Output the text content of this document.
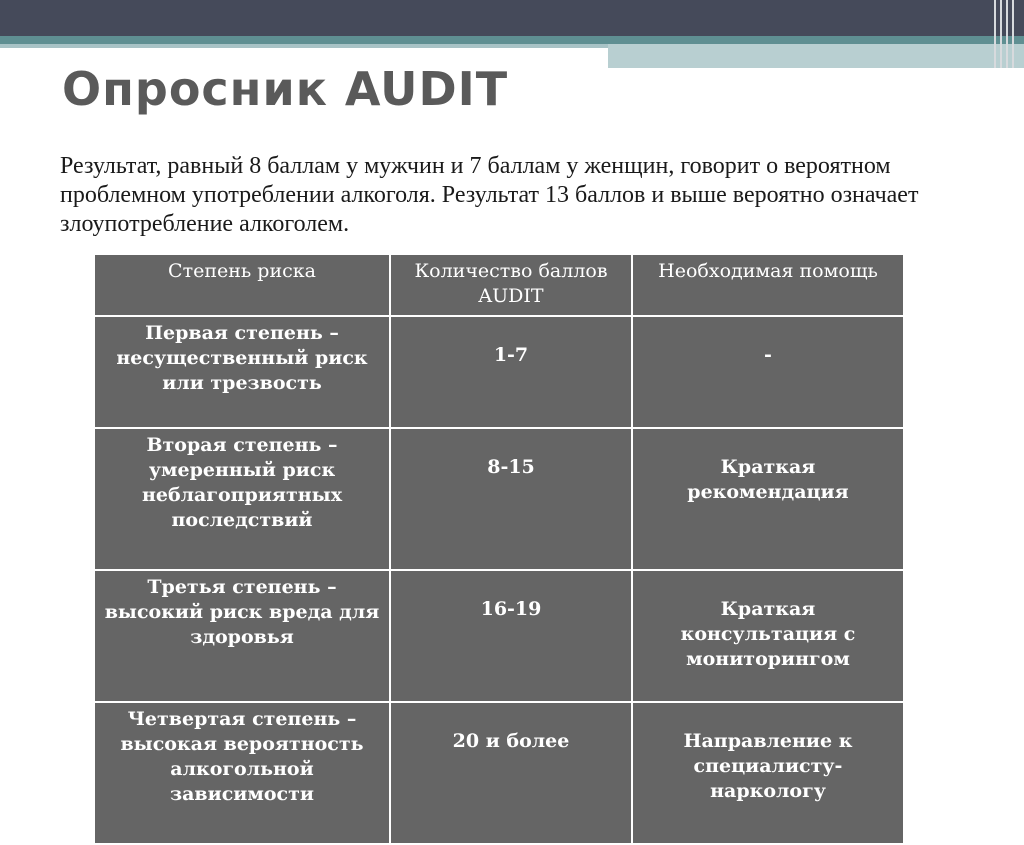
Опросник AUDIT

Результат, равный 8 баллам у мужчин и 7 баллам у женщин, говорит о вероятном проблемном употреблении алкоголя. Результат 13 баллов и выше вероятно означает злоупотребление алкоголем.

Степень риска	Количество баллов AUDIT	Необходимая помощь
Первая степень – несущественный риск или трезвость	1-7	-
Вторая степень – умеренный риск неблагоприятных последствий	8-15	Краткая рекомендация
Третья степень – высокий риск вреда для здоровья	16-19	Краткая консультация с мониторингом
Четвертая степень – высокая вероятность алкогольной зависимости	20 и более	Направление к специалисту-наркологу
